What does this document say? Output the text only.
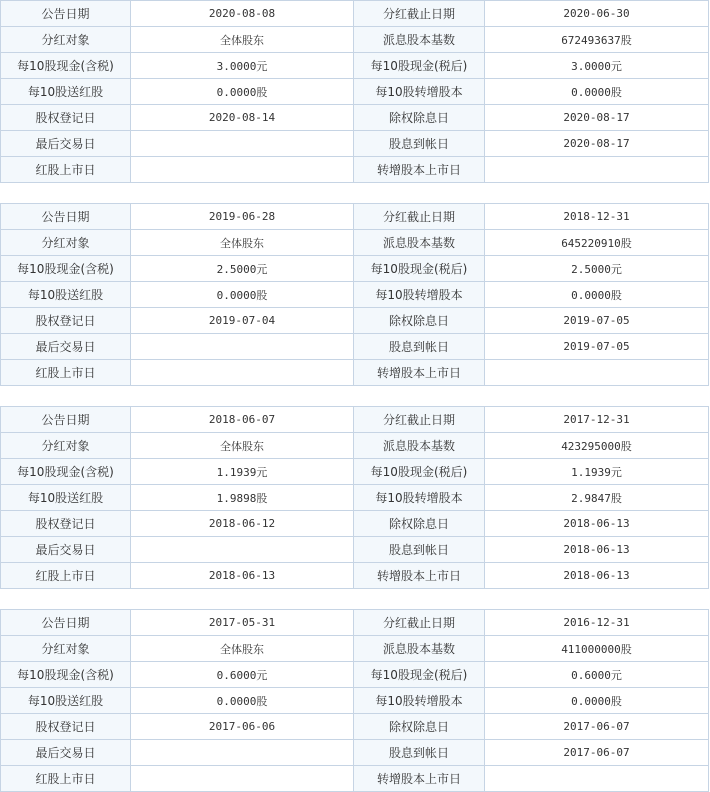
公告日期	2020-08-08	分红截止日期	2020-06-30
分红对象	全体股东	派息股本基数	672493637股
每10股现金(含税)	3.0000元	每10股现金(税后)	3.0000元
每10股送红股	0.0000股	每10股转增股本	0.0000股
股权登记日	2020-08-14	除权除息日	2020-08-17
最后交易日		股息到帐日	2020-08-17
红股上市日		转增股本上市日	
公告日期	2019-06-28	分红截止日期	2018-12-31
分红对象	全体股东	派息股本基数	645220910股
每10股现金(含税)	2.5000元	每10股现金(税后)	2.5000元
每10股送红股	0.0000股	每10股转增股本	0.0000股
股权登记日	2019-07-04	除权除息日	2019-07-05
最后交易日		股息到帐日	2019-07-05
红股上市日		转增股本上市日	
公告日期	2018-06-07	分红截止日期	2017-12-31
分红对象	全体股东	派息股本基数	423295000股
每10股现金(含税)	1.1939元	每10股现金(税后)	1.1939元
每10股送红股	1.9898股	每10股转增股本	2.9847股
股权登记日	2018-06-12	除权除息日	2018-06-13
最后交易日		股息到帐日	2018-06-13
红股上市日	2018-06-13	转增股本上市日	2018-06-13
公告日期	2017-05-31	分红截止日期	2016-12-31
分红对象	全体股东	派息股本基数	411000000股
每10股现金(含税)	0.6000元	每10股现金(税后)	0.6000元
每10股送红股	0.0000股	每10股转增股本	0.0000股
股权登记日	2017-06-06	除权除息日	2017-06-07
最后交易日		股息到帐日	2017-06-07
红股上市日		转增股本上市日	
